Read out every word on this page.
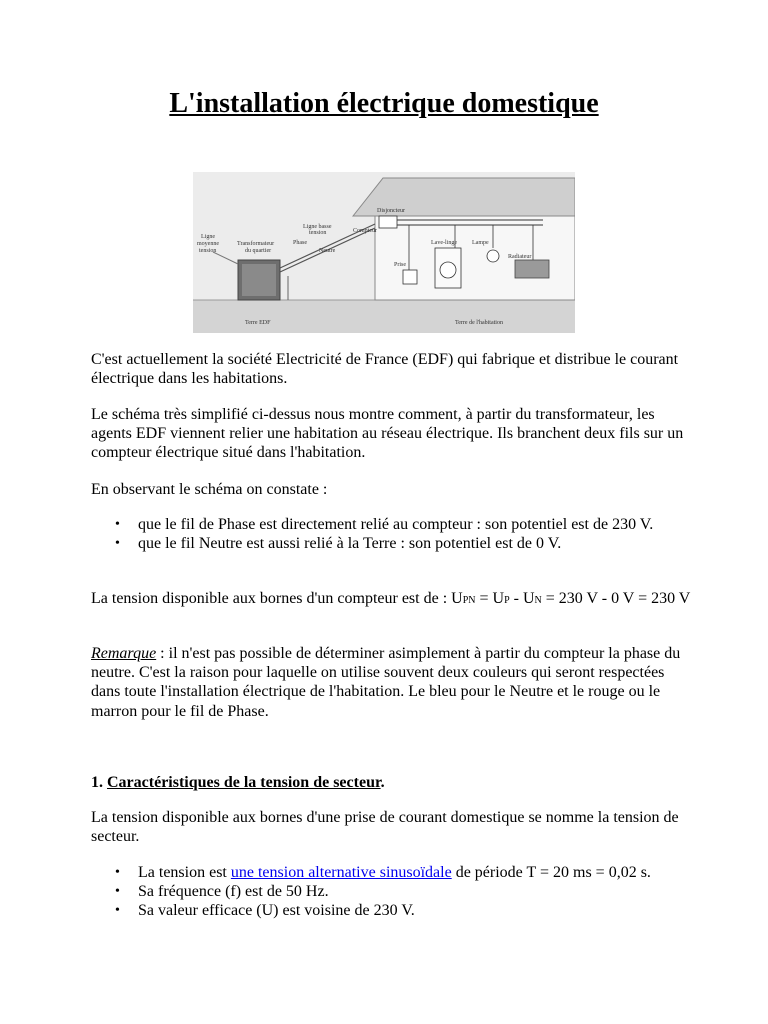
L'installation électrique domestique
Ligne
moyenne
tension
Transformateur
du quartier
Ligne basse
tension
Phase
Neutre
Disjoncteur
Compteur
Lave-linge	Lampe
Prise
Radiateur
Terre EDF	Terre de l'habitation

C'est actuellement la société Electricité de France (EDF) qui fabrique et distribue le courant électrique dans les habitations.

Le schéma très simplifié ci-dessus nous montre comment, à partir du transformateur, les agents EDF viennent relier une habitation au réseau électrique. Ils branchent deux fils sur un compteur électrique situé dans l'habitation.

En observant le schéma on constate :

• que le fil de Phase est directement relié au compteur : son potentiel est de 230 V.
• que le fil Neutre est aussi relié à la Terre : son potentiel est de 0 V.

La tension disponible aux bornes d'un compteur est de : UPN = UP - UN = 230 V - 0 V = 230 V

Remarque : il n'est pas possible de déterminer asimplement à partir du compteur la phase du neutre. C'est la raison pour laquelle on utilise souvent deux couleurs qui seront respectées dans toute l'installation électrique de l'habitation. Le bleu pour le Neutre et le rouge ou le marron pour le fil de Phase.

1. Caractéristiques de la tension de secteur.

La tension disponible aux bornes d'une prise de courant domestique se nomme la tension de secteur.

• La tension est une tension alternative sinusoïdale de période T = 20 ms = 0,02 s.
• Sa fréquence (f) est de 50 Hz.
• Sa valeur efficace (U) est voisine de 230 V.
